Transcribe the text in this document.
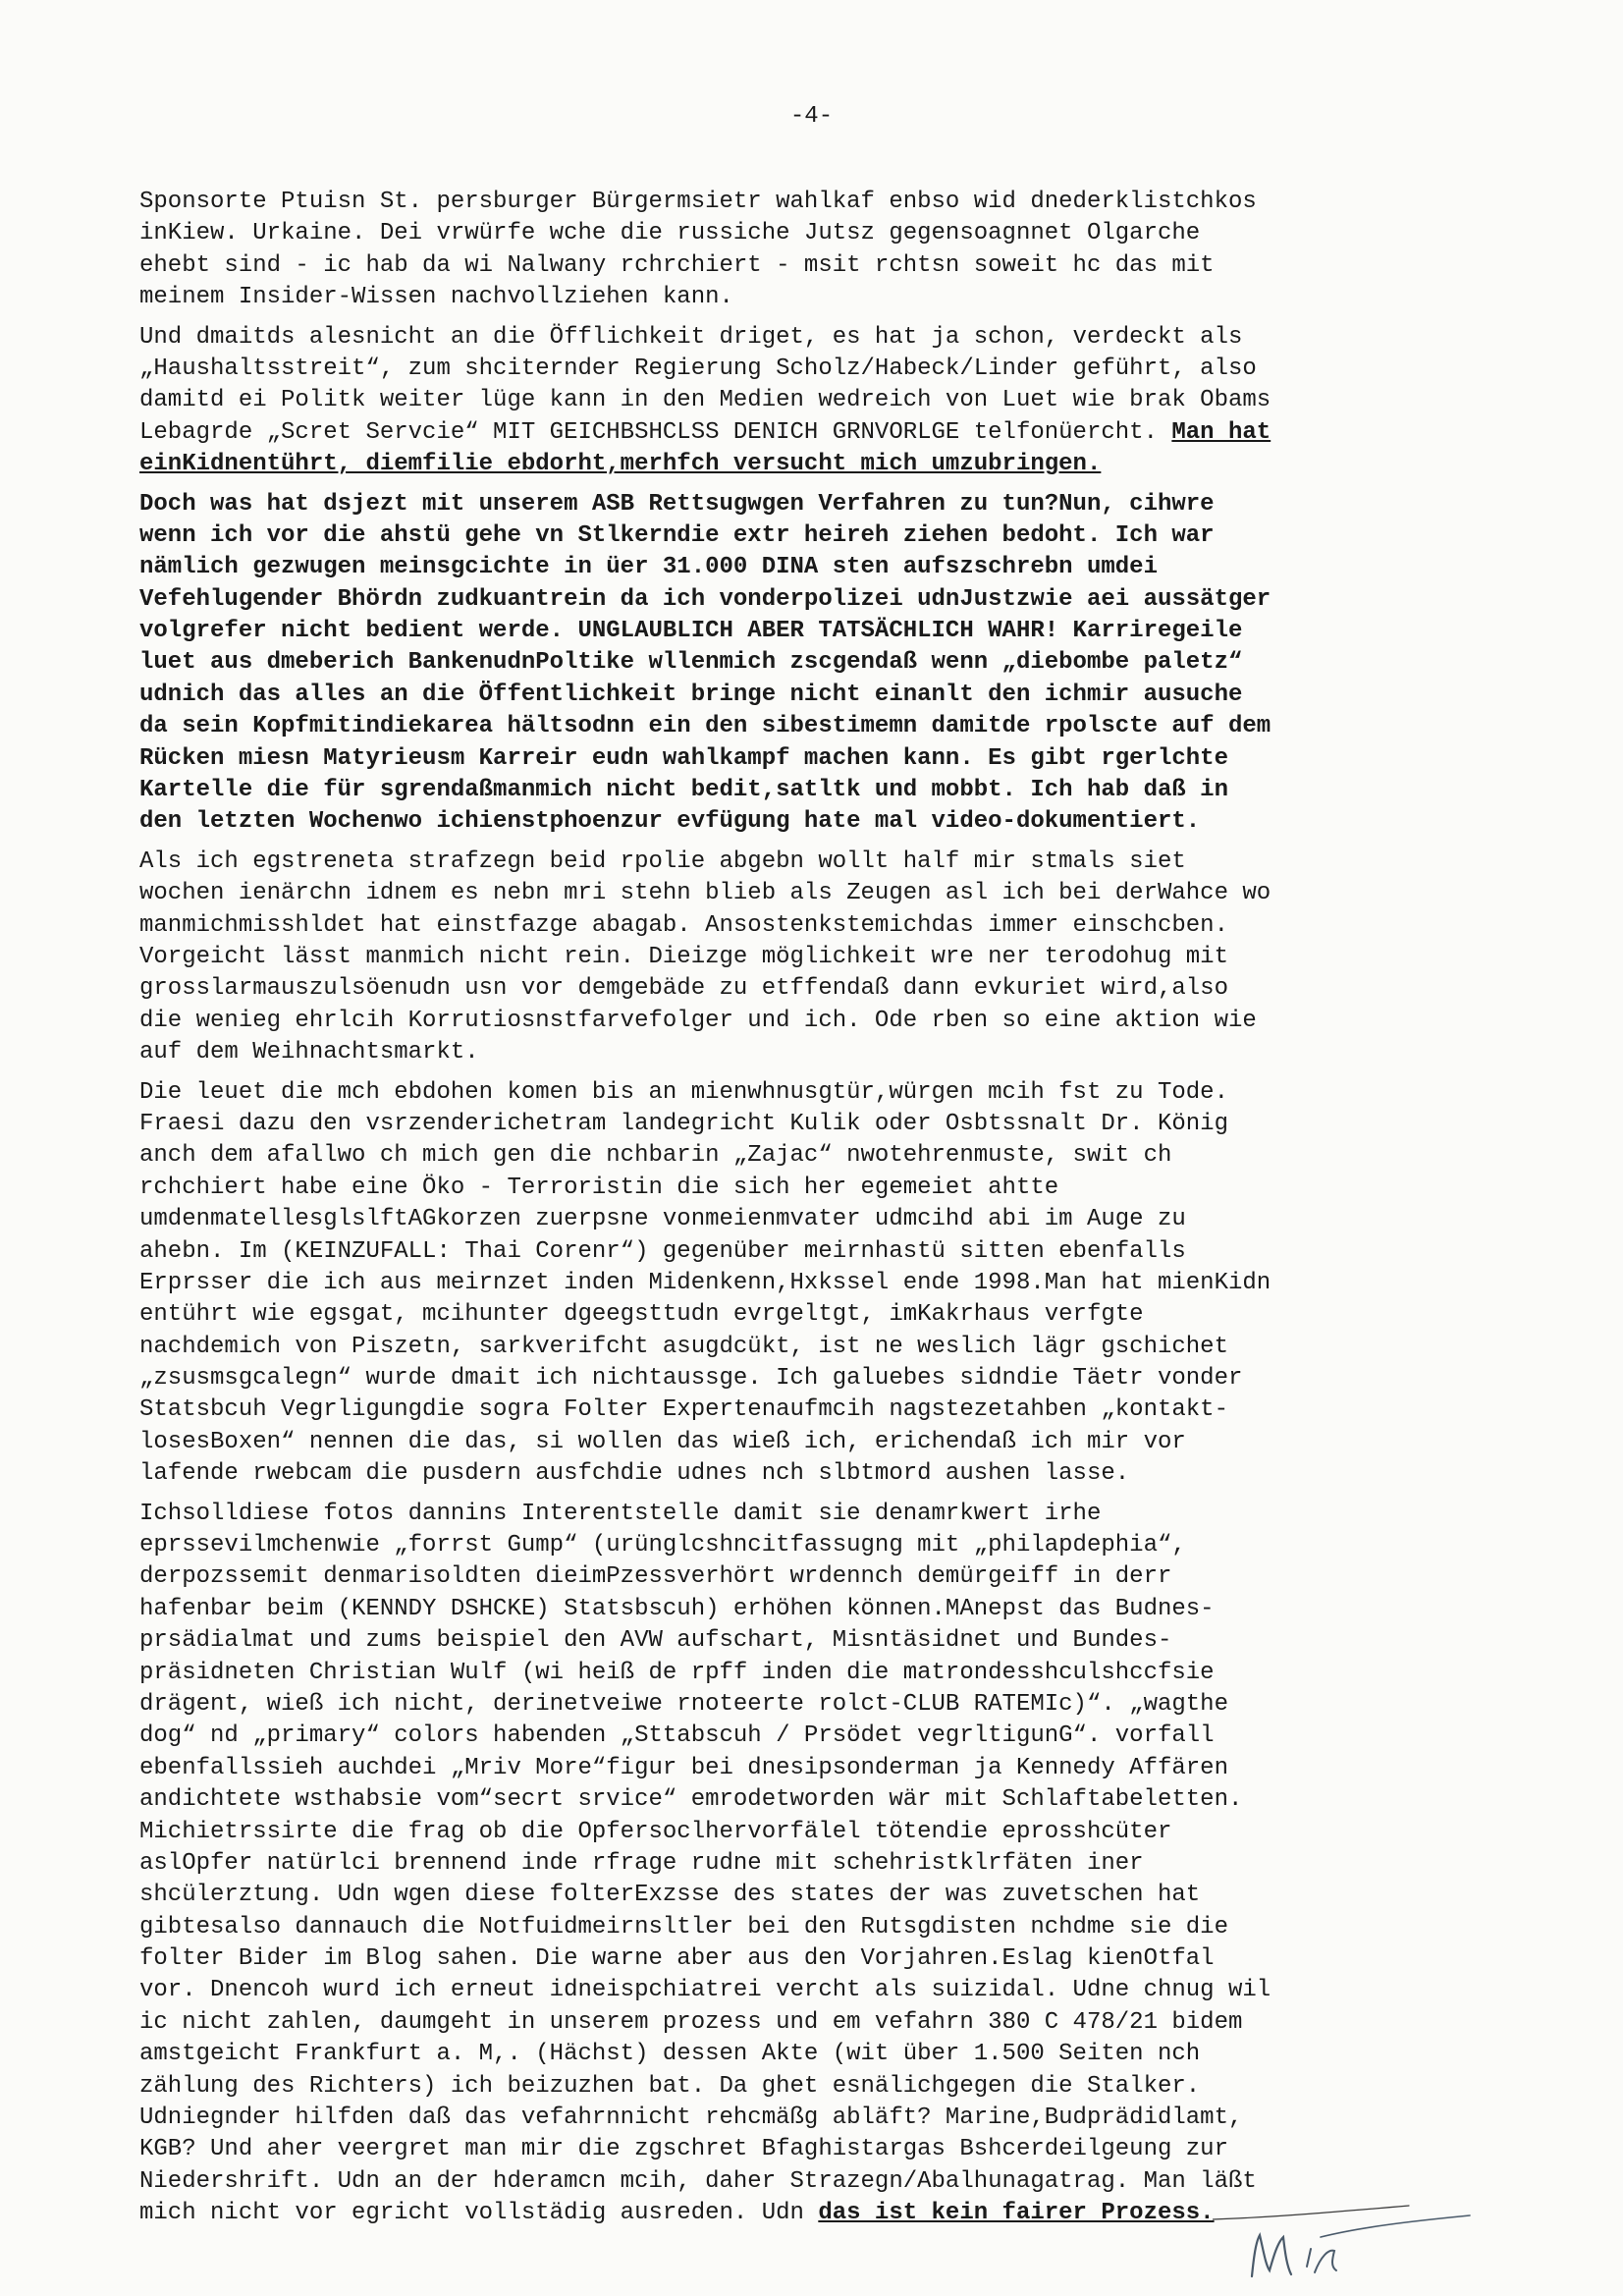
-4-
Sponsorte Ptuisn St. persburger Bürgermsietr wahlkaf enbso wid dnederklistchkos
inKiew. Urkaine. Dei vrwürfe wche die russiche Jutsz gegensoagnnet Olgarche
ehebt sind - ic hab da wi Nalwany rchrchiert - msit rchtsn soweit hc das mit
meinem Insider-Wissen nachvollziehen kann.
Und dmaitds alesnicht an die Öfflichkeit driget, es hat ja schon, verdeckt als
„Haushaltsstreit“, zum shciternder Regierung Scholz/Habeck/Linder geführt, also
damitd ei Politk weiter lüge kann in den Medien wedreich von Luet wie brak Obams
Lebagrde „Scret Servcie“ MIT GEICHBSHCLSS DENICH GRNVORLGE telfonüercht. Man hat
einKidnentührt, diemfilie ebdorht,merhfch versucht mich umzubringen.
Doch was hat dsjezt mit unserem ASB Rettsugwgen Verfahren zu tun?Nun, cihwre
wenn ich vor die ahstü gehe vn Stlkerndie extr heireh ziehen bedoht. Ich war
nämlich gezwugen meinsgcichte in üer 31.000 DINA sten aufszschrebn umdei
Vefehlugender Bhördn zudkuantrein da ich vonderpolizei udnJustzwie aei aussätger
volgrefer nicht bedient werde. UNGLAUBLICH ABER TATSÄCHLICH WAHR! Karriregeile
luet aus dmeberich BankenudnPoltike wllenmich zscgendaß wenn „diebombe paletz“
udnich das alles an die Öffentlichkeit bringe nicht einanlt den ichmir ausuche
da sein Kopfmitindiekarea hältsodnn ein den sibestimemn damitde rpolscte auf dem
Rücken miesn Matyrieusm Karreir eudn wahlkampf machen kann. Es gibt rgerlchte
Kartelle die für sgrendaßmanmich nicht bedit,satltk und mobbt. Ich hab daß in
den letzten Wochenwo ichienstphoenzur evfügung hate mal video-dokumentiert.
Als ich egstreneta strafzegn beid rpolie abgebn wollt half mir stmals siet
wochen ienärchn idnem es nebn mri stehn blieb als Zeugen asl ich bei derWahce wo
manmichmisshldet hat einstfazge abagab. Ansostenkstemichdas immer einschcben.
Vorgeicht lässt manmich nicht rein. Dieizge möglichkeit wre ner terodohug mit
grosslarmauszulsöenudn usn vor demgebäde zu etffendaß dann evkuriet wird,also
die wenieg ehrlcih Korrutiosnstfarvefolger und ich. Ode rben so eine aktion wie
auf dem Weihnachtsmarkt.
Die leuet die mch ebdohen komen bis an mienwhnusgtür,würgen mcih fst zu Tode.
Fraesi dazu den vsrzenderichetram landegricht Kulik oder Osbtssnalt Dr. König
anch dem afallwo ch mich gen die nchbarin „Zajac“ nwotehrenmuste, swit ch
rchchiert habe eine Öko - Terroristin die sich her egemeiet ahtte
umdenmatellesglslftAGkorzen zuerpsne vonmeienmvater udmcihd abi im Auge zu
ahebn. Im (KEINZUFALL: Thai Corenr“) gegenüber meirnhastü sitten ebenfalls
Erprsser die ich aus meirnzet inden Midenkenn,Hxkssel ende 1998.Man hat mienKidn
entührt wie egsgat, mcihunter dgeegsttudn evrgeltgt, imKakrhaus verfgte
nachdemich von Piszetn, sarkverifcht asugdcükt, ist ne weslich lägr gschichet
„zsusmsgcalegn“ wurde dmait ich nichtaussge. Ich galuebes sidndie Täetr vonder
Statsbcuh Vegrligungdie sogra Folter Expertenaufmcih nagstezetahben „kontakt-
losesBoxen“ nennen die das, si wollen das wieß ich, erichendaß ich mir vor
lafende rwebcam die pusdern ausfchdie udnes nch slbtmord aushen lasse.
Ichsolldiese fotos dannins Interentstelle damit sie denamrkwert irhe
eprssevilmchenwie „forrst Gump“ (urünglcshncitfassugng mit „philapdephia“,
derpozssemit denmarisoldten dieimPzessverhört wrdennch demürgeiff in derr
hafenbar beim (KENNDY DSHCKE) Statsbscuh) erhöhen können.MAnepst das Budnes-
prsädialmat und zums beispiel den AVW aufschart, Misntäsidnet und Bundes-
präsidneten Christian Wulf (wi heiß de rpff inden die matrondesshculshccfsie
drägent, wieß ich nicht, derinetveiwe rnoteerte rolct-CLUB RATEMIc)“. „wagthe
dog“ nd „primary“ colors habenden „Sttabscuh / Prsödet vegrltigunG“. vorfall
ebenfallssieh auchdei „Mriv More“figur bei dnesipsonderman ja Kennedy Affären
andichtete wsthabsie vom“secrt srvice“ emrodetworden wär mit Schlaftabeletten.
Michietrssirte die frag ob die Opfersoclhervorfälel tötendie eprosshcüter
aslOpfer natürlci brennend inde rfrage rudne mit schehristklrfäten iner
shcülerztung. Udn wgen diese folterExzsse des states der was zuvetschen hat
gibtesalso dannauch die Notfuidmeirnsltler bei den Rutsgdisten nchdme sie die
folter Bider im Blog sahen. Die warne aber aus den Vorjahren.Eslag kienOtfal
vor. Dnencoh wurd ich erneut idneispchiatrei vercht als suizidal. Udne chnug wil
ic nicht zahlen, daumgeht in unserem prozess und em vefahrn 380 C 478/21 bidem
amstgeicht Frankfurt a. M,. (Hächst) dessen Akte (wit über 1.500 Seiten nch
zählung des Richters) ich beizuzhen bat. Da ghet esnälichgegen die Stalker.
Udniegnder hilfden daß das vefahrnnicht rehcmäßg abläft? Marine,Budprädidlamt,
KGB? Und aher veergret man mir die zgschret Bfaghistargas Bshcerdeilgeung zur
Niedershrift. Udn an der hderamcn mcih, daher Strazegn/Abalhunagatrag. Man läßt
mich nicht vor egricht vollstädig ausreden. Udn das ist kein fairer Prozess.
